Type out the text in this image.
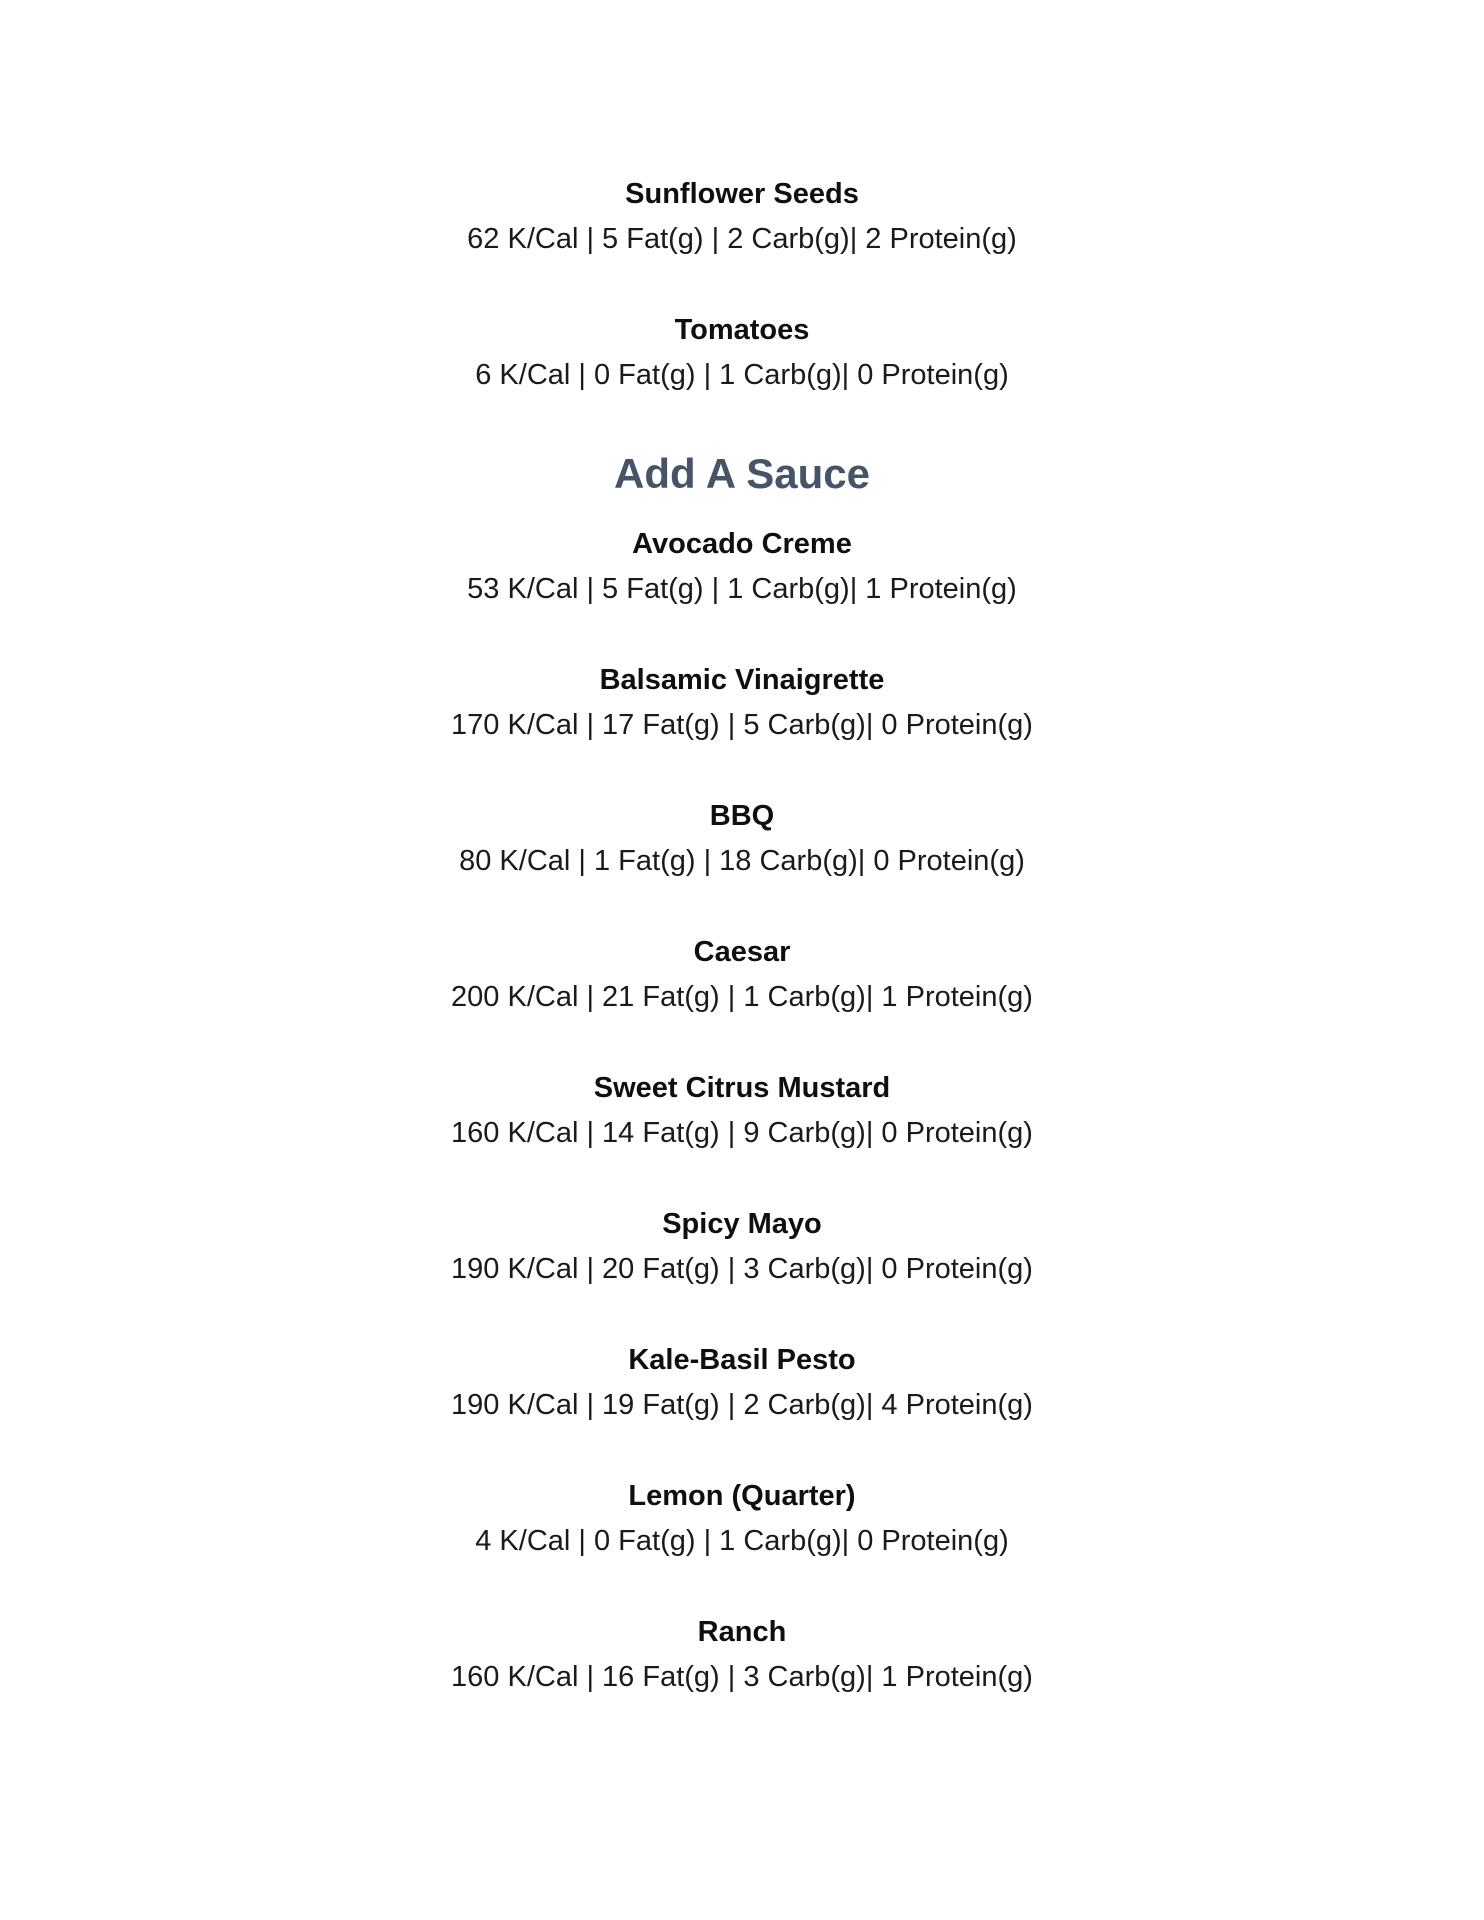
Sunflower Seeds
62 K/Cal | 5 Fat(g) | 2 Carb(g)| 2 Protein(g)
Tomatoes
6 K/Cal | 0 Fat(g) | 1 Carb(g)| 0 Protein(g)
Add A Sauce
Avocado Creme
53 K/Cal | 5 Fat(g) | 1 Carb(g)| 1 Protein(g)
Balsamic Vinaigrette
170 K/Cal | 17 Fat(g) | 5 Carb(g)| 0 Protein(g)
BBQ
80 K/Cal | 1 Fat(g) | 18 Carb(g)| 0 Protein(g)
Caesar
200 K/Cal | 21 Fat(g) | 1 Carb(g)| 1 Protein(g)
Sweet Citrus Mustard
160 K/Cal | 14 Fat(g) | 9 Carb(g)| 0 Protein(g)
Spicy Mayo
190 K/Cal | 20 Fat(g) | 3 Carb(g)| 0 Protein(g)
Kale-Basil Pesto
190 K/Cal | 19 Fat(g) | 2 Carb(g)| 4 Protein(g)
Lemon (Quarter)
4 K/Cal | 0 Fat(g) | 1 Carb(g)| 0 Protein(g)
Ranch
160 K/Cal | 16 Fat(g) | 3 Carb(g)| 1 Protein(g)
